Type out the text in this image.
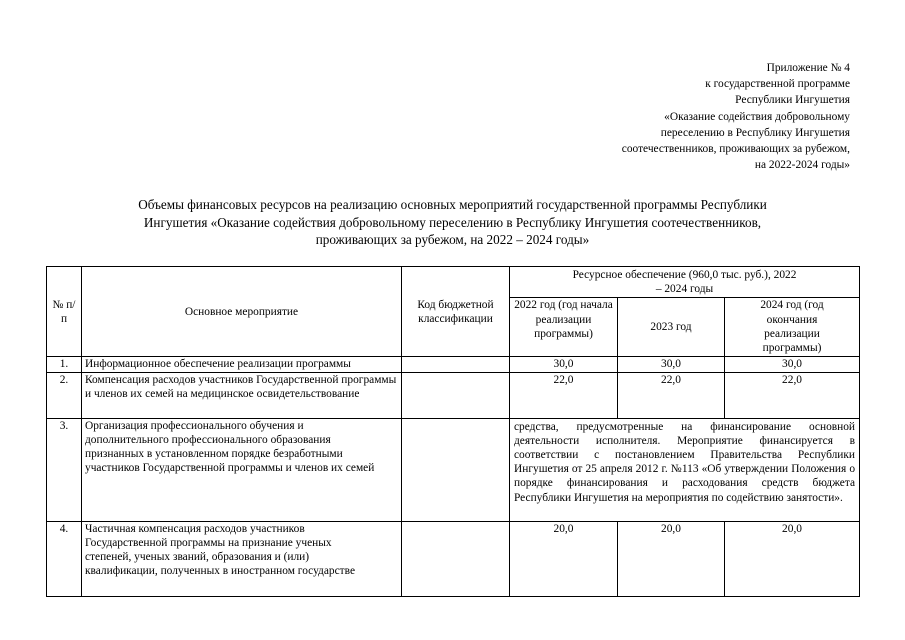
Приложение № 4
к государственной программе
Республики Ингушетия
«Оказание содействия добровольному
переселению в Республику Ингушетия
соотечественников, проживающих за рубежом,
на 2022-2024 годы»
Объемы финансовых ресурсов на реализацию основных мероприятий государственной программы Республики
Ингушетия «Оказание содействия добровольному переселению в Республику Ингушетия соотечественников,
проживающих за рубежом, на 2022 – 2024 годы»
№ п/п	Основное мероприятие	Код бюджетной классификации	Ресурсное обеспечение (960,0 тыс. руб.), 2022 – 2024 годы		
			2022 год (год начала реализации программы)	2023 год	2024 год (год окончания реализации программы)
1.	Информационное обеспечение реализации программы		30,0	30,0	30,0
2.	Компенсация расходов участников Государственной программы и членов их семей на медицинское освидетельствование		22,0	22,0	22,0
3.	Организация профессионального обучения и дополнительного профессионального образования признанных в установленном порядке безработными участников Государственной программы и членов их семей		средства, предусмотренные на финансирование основной деятельности исполнителя. Мероприятие финансируется в соответствии с постановлением Правительства Республики Ингушетия от 25 апреля 2012 г. №113 «Об утверждении Положения о порядке финансирования и расходования средств бюджета Республики Ингушетия на мероприятия по содействию занятости».		
4.	Частичная компенсация расходов участников Государственной программы на признание ученых степеней, ученых званий, образования и (или) квалификации, полученных в иностранном государстве		20,0	20,0	20,0
